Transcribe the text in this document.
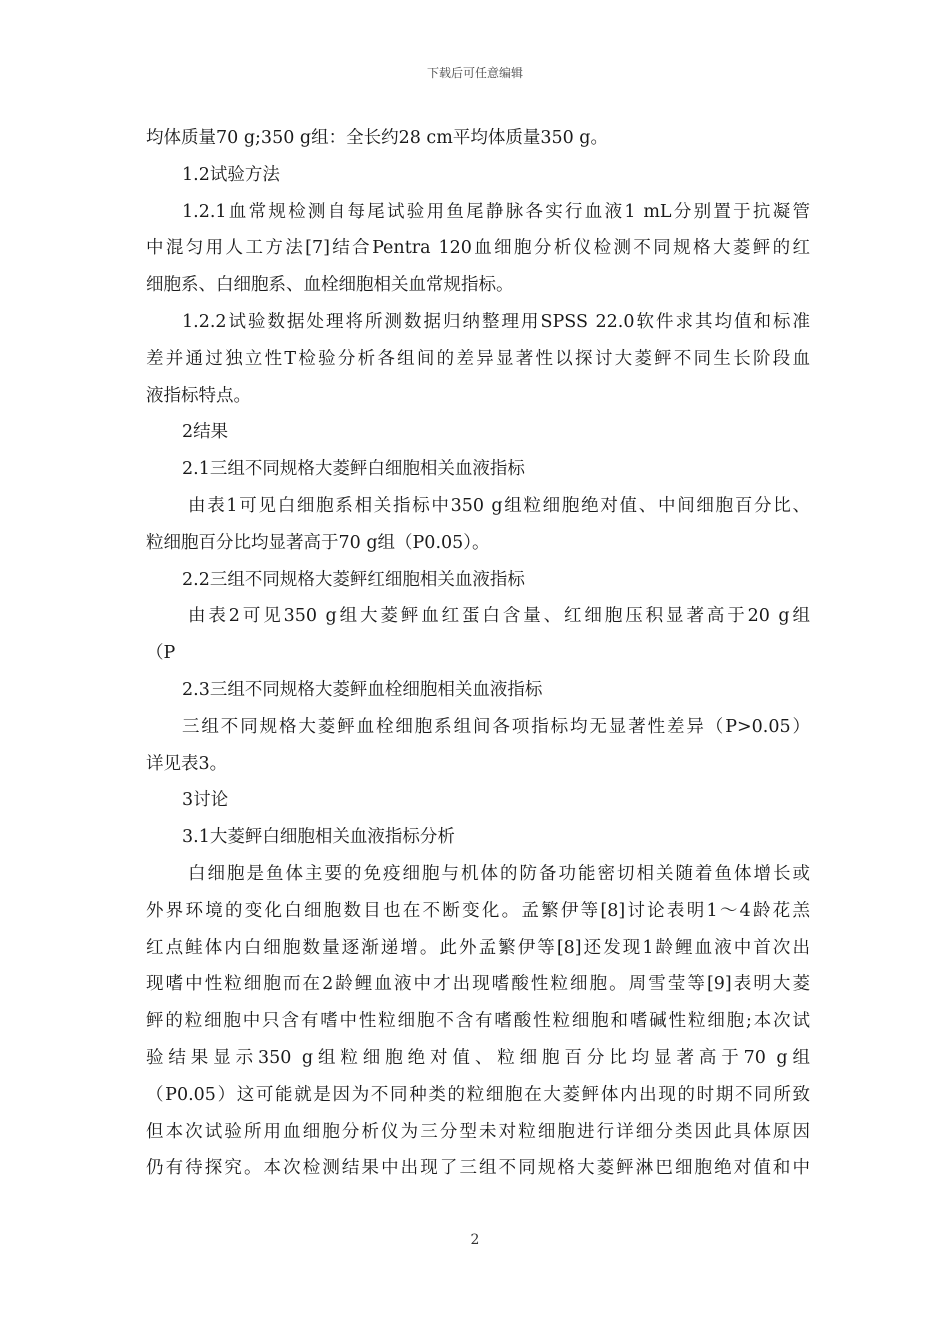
下载后可任意编辑
均体质量70 g;350 g组：全长约28 cm平均体质量350 g。
1.2试验方法
1.2.1血常规检测自每尾试验用鱼尾静脉各实行血液1 mL分别置于抗凝管
中混匀用人工方法[7]结合Pentra 120血细胞分析仪检测不同规格大菱鲆的红
细胞系、白细胞系、血栓细胞相关血常规指标。
1.2.2试验数据处理将所测数据归纳整理用SPSS 22.0软件求其均值和标准
差并通过独立性T检验分析各组间的差异显著性以探讨大菱鲆不同生长阶段血
液指标特点。
2结果
2.1三组不同规格大菱鲆白细胞相关血液指标
由表1可见白细胞系相关指标中350 g组粒细胞绝对值、中间细胞百分比、
粒细胞百分比均显著高于70 g组（P0.05）。
2.2三组不同规格大菱鲆红细胞相关血液指标
由表2可见350 g组大菱鲆血红蛋白含量、红细胞压积显著高于20 g组
（P
2.3三组不同规格大菱鲆血栓细胞相关血液指标
三组不同规格大菱鲆血栓细胞系组间各项指标均无显著性差异（P>0.05）
详见表3。
3讨论
3.1大菱鲆白细胞相关血液指标分析
白细胞是鱼体主要的免疫细胞与机体的防备功能密切相关随着鱼体增长或
外界环境的变化白细胞数目也在不断变化。孟繁伊等[8]讨论表明1～4龄花羔
红点鲑体内白细胞数量逐渐递增。此外孟繁伊等[8]还发现1龄鲤血液中首次出
现嗜中性粒细胞而在2龄鲤血液中才出现嗜酸性粒细胞。周雪莹等[9]表明大菱
鲆的粒细胞中只含有嗜中性粒细胞不含有嗜酸性粒细胞和嗜碱性粒细胞;本次试
验结果显示350 g组粒细胞绝对值、粒细胞百分比均显著高于70 g组
（P0.05）这可能就是因为不同种类的粒细胞在大菱鲆体内出现的时期不同所致
但本次试验所用血细胞分析仪为三分型未对粒细胞进行详细分类因此具体原因
仍有待探究。本次检测结果中出现了三组不同规格大菱鲆淋巴细胞绝对值和中
2
